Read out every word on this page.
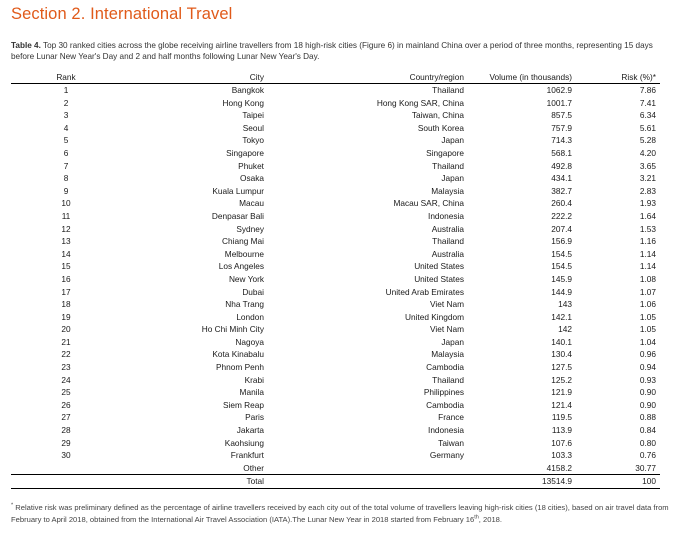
Section 2. International Travel
Table 4. Top 30 ranked cities across the globe receiving airline travellers from 18 high-risk cities (Figure 6) in mainland China over a period of three months, representing 15 days before Lunar New Year's Day and 2 and half months following Lunar New Year's Day.
Rank	City	Country/region	Volume (in thousands)	Risk (%)*
1	Bangkok	Thailand	1062.9	7.86
2	Hong Kong	Hong Kong SAR, China	1001.7	7.41
3	Taipei	Taiwan, China	857.5	6.34
4	Seoul	South Korea	757.9	5.61
5	Tokyo	Japan	714.3	5.28
6	Singapore	Singapore	568.1	4.20
7	Phuket	Thailand	492.8	3.65
8	Osaka	Japan	434.1	3.21
9	Kuala Lumpur	Malaysia	382.7	2.83
10	Macau	Macau SAR, China	260.4	1.93
11	Denpasar Bali	Indonesia	222.2	1.64
12	Sydney	Australia	207.4	1.53
13	Chiang Mai	Thailand	156.9	1.16
14	Melbourne	Australia	154.5	1.14
15	Los Angeles	United States	154.5	1.14
16	New York	United States	145.9	1.08
17	Dubai	United Arab Emirates	144.9	1.07
18	Nha Trang	Viet Nam	143	1.06
19	London	United Kingdom	142.1	1.05
20	Ho Chi Minh City	Viet Nam	142	1.05
21	Nagoya	Japan	140.1	1.04
22	Kota Kinabalu	Malaysia	130.4	0.96
23	Phnom Penh	Cambodia	127.5	0.94
24	Krabi	Thailand	125.2	0.93
25	Manila	Philippines	121.9	0.90
26	Siem Reap	Cambodia	121.4	0.90
27	Paris	France	119.5	0.88
28	Jakarta	Indonesia	113.9	0.84
29	Kaohsiung	Taiwan	107.6	0.80
30	Frankfurt	Germany	103.3	0.76
	Other		4158.2	30.77
	Total		13514.9	100
* Relative risk was preliminary defined as the percentage of airline travellers received by each city out of the total volume of travellers leaving high-risk cities (18 cities), based on air travel data from February to April 2018, obtained from the International Air Travel Association (IATA).The Lunar New Year in 2018 started from February 16th, 2018.
